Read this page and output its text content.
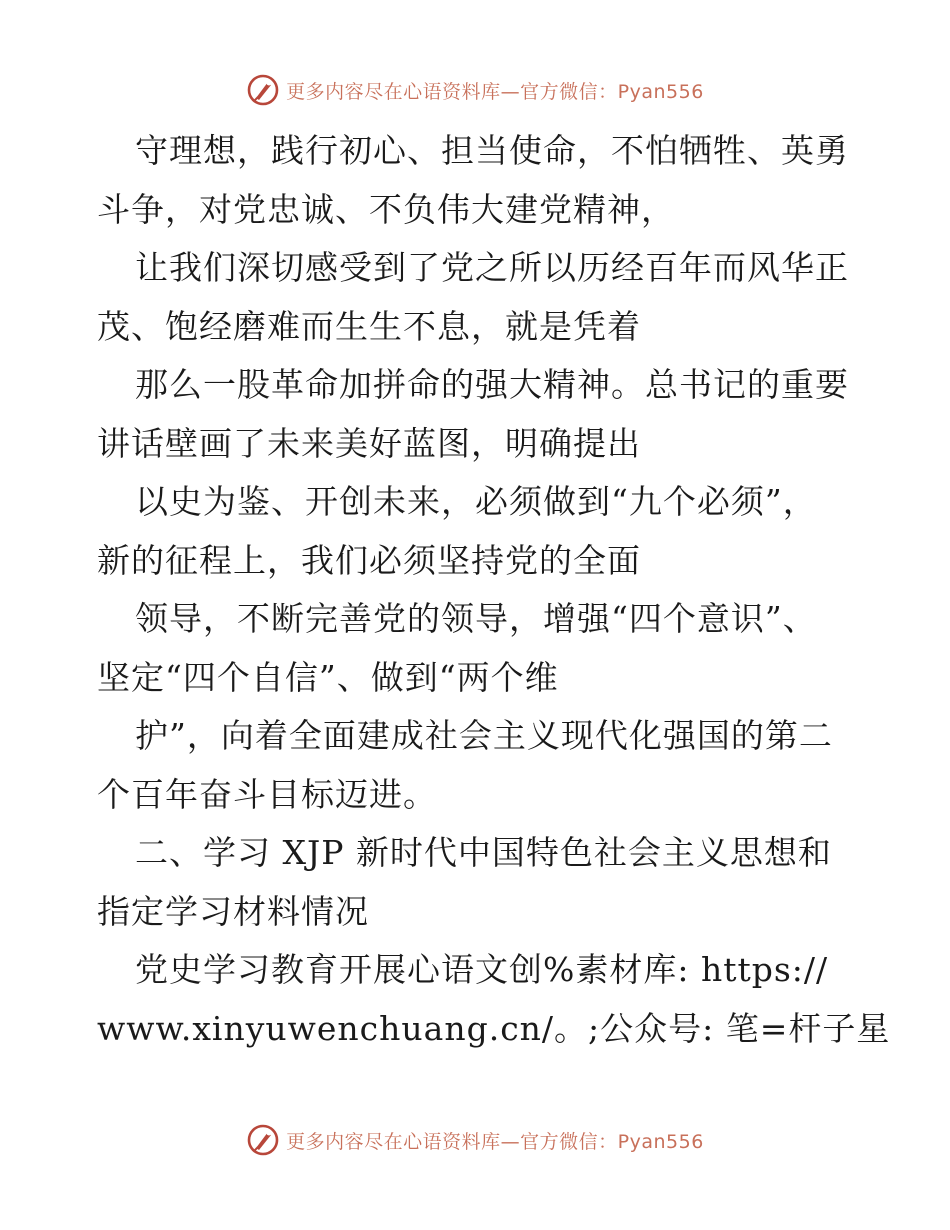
更多内容尽在心语资料库—官方微信：Pyan556

守理想，践行初心、担当使命，不怕牺牲、英勇
斗争，对党忠诚、不负伟大建党精神，

让我们深切感受到了党之所以历经百年而风华正
茂、饱经磨难而生生不息，就是凭着

那么一股革命加拼命的强大精神。总书记的重要
讲话壁画了未来美好蓝图，明确提出

以史为鉴、开创未来，必须做到“九个必须”，
新的征程上，我们必须坚持党的全面

领导，不断完善党的领导，增强“四个意识”、
坚定“四个自信”、做到“两个维

护”，向着全面建成社会主义现代化强国的第二
个百年奋斗目标迈进。

二、学习 XJP 新时代中国特色社会主义思想和
指定学习材料情况

党史学习教育开展心语文创%素材库: https://
www.xinyuwenchuang.cn/。;公众号: 笔=杆子星

更多内容尽在心语资料库—官方微信：Pyan556
